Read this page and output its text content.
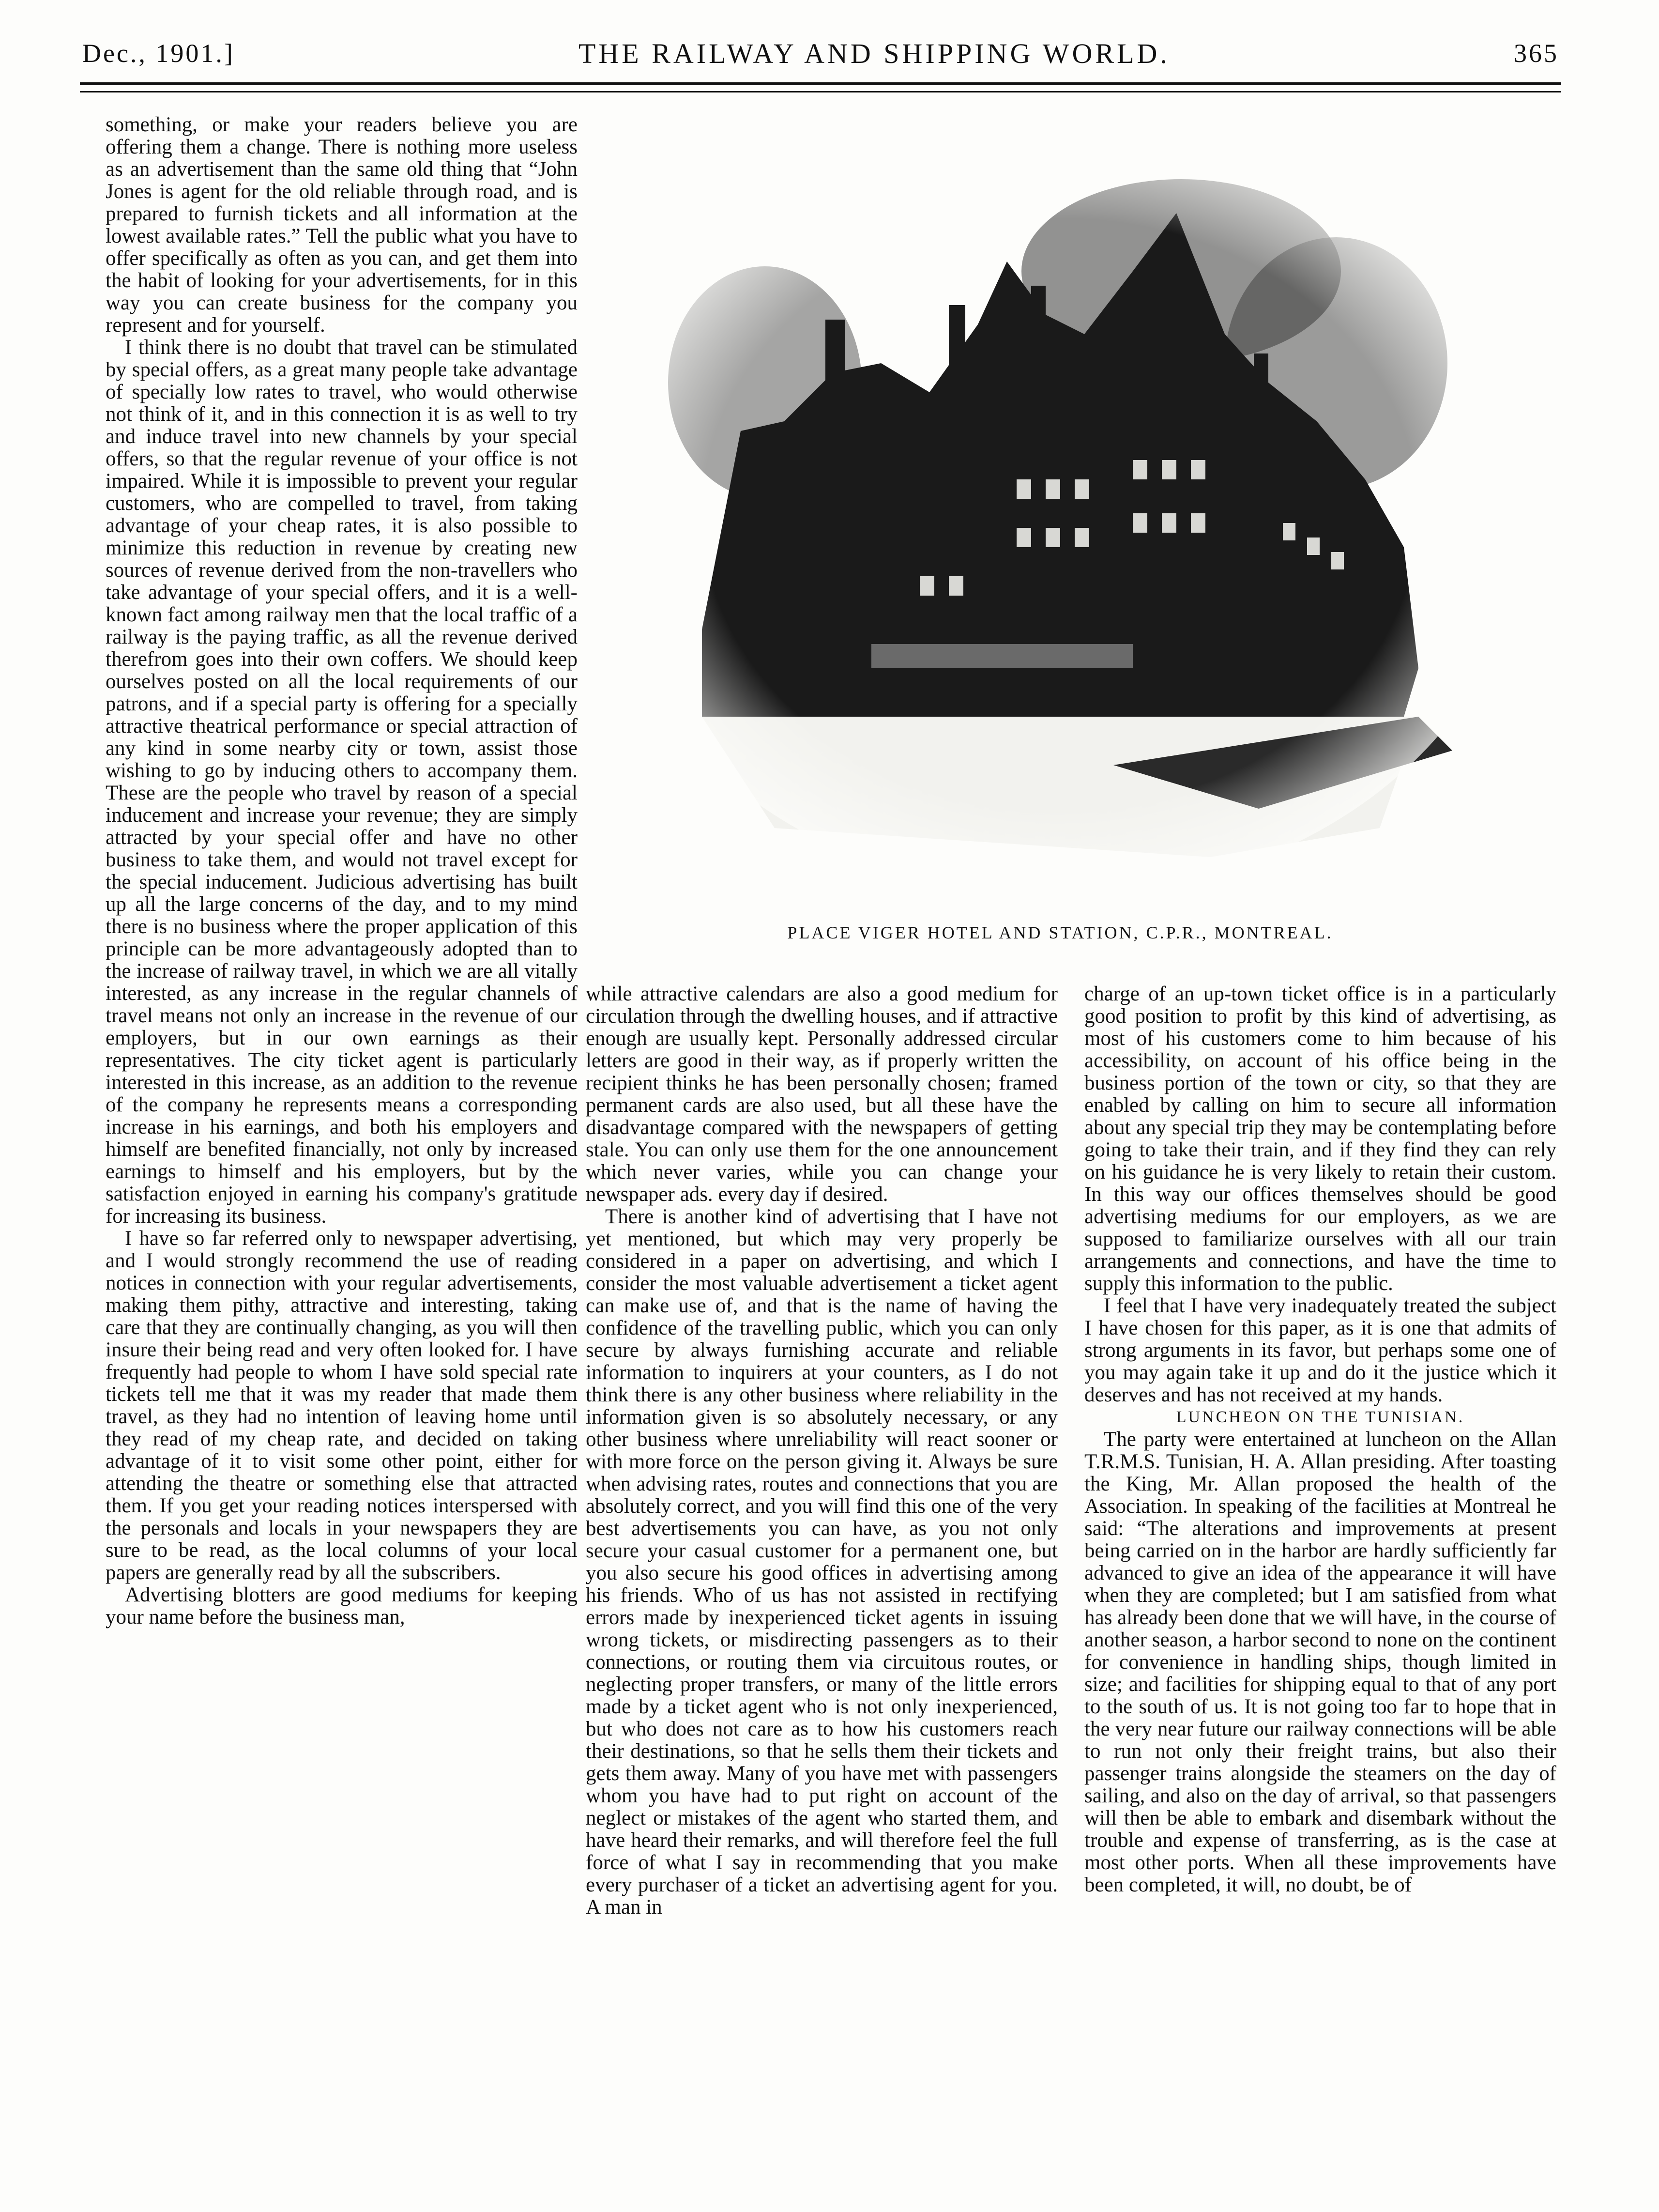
Dec., 1901.]	THE RAILWAY AND SHIPPING WORLD.	365

something, or make your readers believe you are offering them a change. There is nothing more useless as an advertisement than the same old thing that “John Jones is agent for the old reliable through road, and is prepared to furnish tickets and all information at the lowest available rates.” Tell the public what you have to offer specifically as often as you can, and get them into the habit of looking for your advertisements, for in this way you can create business for the company you represent and for yourself.

I think there is no doubt that travel can be stimulated by special offers, as a great many people take advantage of specially low rates to travel, who would otherwise not think of it, and in this connection it is as well to try and induce travel into new channels by your special offers, so that the regular revenue of your office is not impaired. While it is impossible to prevent your regular customers, who are compelled to travel, from taking advantage of your cheap rates, it is also possible to minimize this reduction in revenue by creating new sources of revenue derived from the non-travellers who take advantage of your special offers, and it is a well-known fact among railway men that the local traffic of a railway is the paying traffic, as all the revenue derived therefrom goes into their own coffers. We should keep ourselves posted on all the local requirements of our patrons, and if a special party is offering for a specially attractive theatrical performance or special attraction of any kind in some nearby city or town, assist those wishing to go by inducing others to accompany them. These are the people who travel by reason of a special inducement and increase your revenue; they are simply attracted by your special offer and have no other business to take them, and would not travel except for the special inducement. Judicious advertising has built up all the large concerns of the day, and to my mind there is no business where the proper application of this principle can be more advantageously adopted than to the increase of railway travel, in which we are all vitally interested, as any increase in the regular channels of travel means not only an increase in the revenue of our employers, but in our own earnings as their representatives. The city ticket agent is particularly interested in this increase, as an addition to the revenue of the company he represents means a corresponding increase in his earnings, and both his employers and himself are benefited financially, not only by increased earnings to himself and his employers, but by the satisfaction enjoyed in earning his company's gratitude for increasing its business.

I have so far referred only to newspaper advertising, and I would strongly recommend the use of reading notices in connection with your regular advertisements, making them pithy, attractive and interesting, taking care that they are continually changing, as you will then insure their being read and very often looked for. I have frequently had people to whom I have sold special rate tickets tell me that it was my reader that made them travel, as they had no intention of leaving home until they read of my cheap rate, and decided on taking advantage of it to visit some other point, either for attending the theatre or something else that attracted them. If you get your reading notices interspersed with the personals and locals in your newspapers they are sure to be read, as the local columns of your local papers are generally read by all the subscribers.

Advertising blotters are good mediums for keeping your name before the business man,

PLACE VIGER HOTEL AND STATION, C.P.R., MONTREAL.

while attractive calendars are also a good medium for circulation through the dwelling houses, and if attractive enough are usually kept. Personally addressed circular letters are good in their way, as if properly written the recipient thinks he has been personally chosen; framed permanent cards are also used, but all these have the disadvantage compared with the newspapers of getting stale. You can only use them for the one announcement which never varies, while you can change your newspaper ads. every day if desired.

There is another kind of advertising that I have not yet mentioned, but which may very properly be considered in a paper on advertising, and which I consider the most valuable advertisement a ticket agent can make use of, and that is the name of having the confidence of the travelling public, which you can only secure by always furnishing accurate and reliable information to inquirers at your counters, as I do not think there is any other business where reliability in the information given is so absolutely necessary, or any other business where unreliability will react sooner or with more force on the person giving it. Always be sure when advising rates, routes and connections that you are absolutely correct, and you will find this one of the very best advertisements you can have, as you not only secure your casual customer for a permanent one, but you also secure his good offices in advertising among his friends. Who of us has not assisted in rectifying errors made by inexperienced ticket agents in issuing wrong tickets, or misdirecting passengers as to their connections, or routing them via circuitous routes, or neglecting proper transfers, or many of the little errors made by a ticket agent who is not only inexperienced, but who does not care as to how his customers reach their destinations, so that he sells them their tickets and gets them away. Many of you have met with passengers whom you have had to put right on account of the neglect or mistakes of the agent who started them, and have heard their remarks, and will therefore feel the full force of what I say in recommending that you make every purchaser of a ticket an advertising agent for you. A man in

charge of an up-town ticket office is in a particularly good position to profit by this kind of advertising, as most of his customers come to him because of his accessibility, on account of his office being in the business portion of the town or city, so that they are enabled by calling on him to secure all information about any special trip they may be contemplating before going to take their train, and if they find they can rely on his guidance he is very likely to retain their custom. In this way our offices themselves should be good advertising mediums for our employers, as we are supposed to familiarize ourselves with all our train arrangements and connections, and have the time to supply this information to the public.

I feel that I have very inadequately treated the subject I have chosen for this paper, as it is one that admits of strong arguments in its favor, but perhaps some one of you may again take it up and do it the justice which it deserves and has not received at my hands.

LUNCHEON ON THE TUNISIAN.

The party were entertained at luncheon on the Allan T.R.M.S. Tunisian, H. A. Allan presiding. After toasting the King, Mr. Allan proposed the health of the Association. In speaking of the facilities at Montreal he said: “The alterations and improvements at present being carried on in the harbor are hardly sufficiently far advanced to give an idea of the appearance it will have when they are completed; but I am satisfied from what has already been done that we will have, in the course of another season, a harbor second to none on the continent for convenience in handling ships, though limited in size; and facilities for shipping equal to that of any port to the south of us. It is not going too far to hope that in the very near future our railway connections will be able to run not only their freight trains, but also their passenger trains alongside the steamers on the day of sailing, and also on the day of arrival, so that passengers will then be able to embark and disembark without the trouble and expense of transferring, as is the case at most other ports. When all these improvements have been completed, it will, no doubt, be of
